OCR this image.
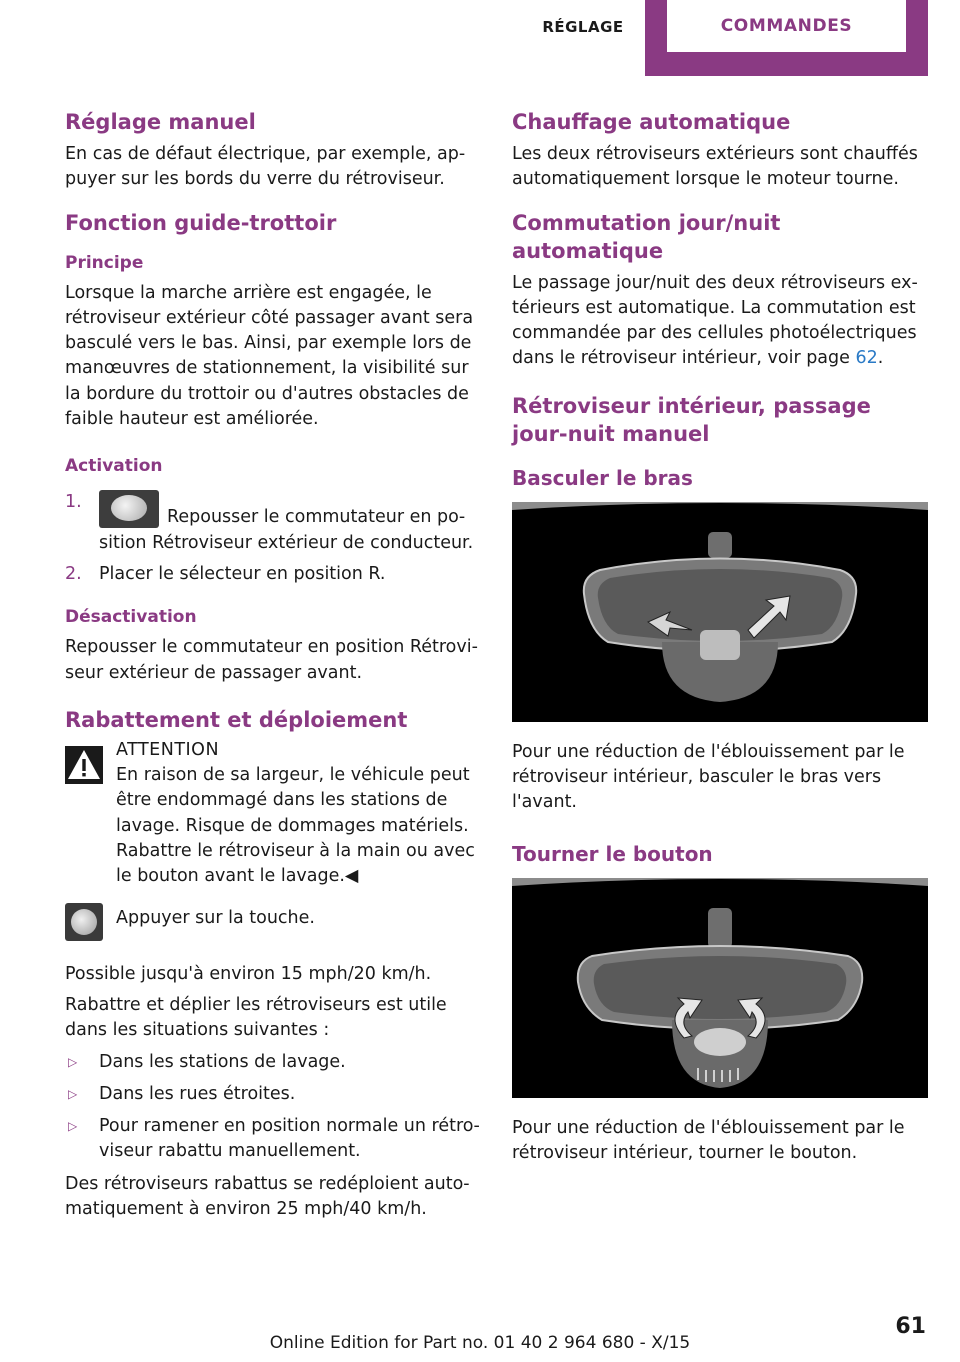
RÉGLAGE	COMMANDES
Réglage manuel

En cas de défaut électrique, par exemple, appuyer sur les bords du verre du rétroviseur.

Fonction guide-trottoir
Principe

Lorsque la marche arrière est engagée, le rétroviseur extérieur côté passager avant sera basculé vers le bas. Ainsi, par exemple lors de manœuvres de stationnement, la visibilité sur la bordure du trottoir ou d'autres obstacles de faible hauteur est améliorée.

Activation
1.
Repousser le commutateur en position Rétroviseur extérieur de conducteur.
2. Placer le sélecteur en position R.
Désactivation

Repousser le commutateur en position Rétroviseur extérieur de passager avant.

Rabattement et déploiement
ATTENTION

En raison de sa largeur, le véhicule peut être endommagé dans les stations de lavage. Risque de dommages matériels. Rabattre le rétroviseur à la main ou avec le bouton avant le lavage.◀

Appuyer sur la touche.

Possible jusqu'à environ 15 mph/20 km/h.

Rabattre et déplier les rétroviseurs est utile dans les situations suivantes :

▷ Dans les stations de lavage.
▷ Dans les rues étroites.
▷ Pour ramener en position normale un rétroviseur rabattu manuellement.

Des rétroviseurs rabattus se redéploient automatiquement à environ 25 mph/40 km/h.

Chauffage automatique

Les deux rétroviseurs extérieurs sont chauffés automatiquement lorsque le moteur tourne.

Commutation jour/nuit automatique

Le passage jour/nuit des deux rétroviseurs extérieurs est automatique. La commutation est commandée par des cellules photoélectriques dans le rétroviseur intérieur, voir page 62.

Rétroviseur intérieur, passage jour-nuit manuel
Basculer le bras

Pour une réduction de l'éblouissement par le rétroviseur intérieur, basculer le bras vers l'avant.

Tourner le bouton

Pour une réduction de l'éblouissement par le rétroviseur intérieur, tourner le bouton.

61
Online Edition for Part no. 01 40 2 964 680 - X/15
